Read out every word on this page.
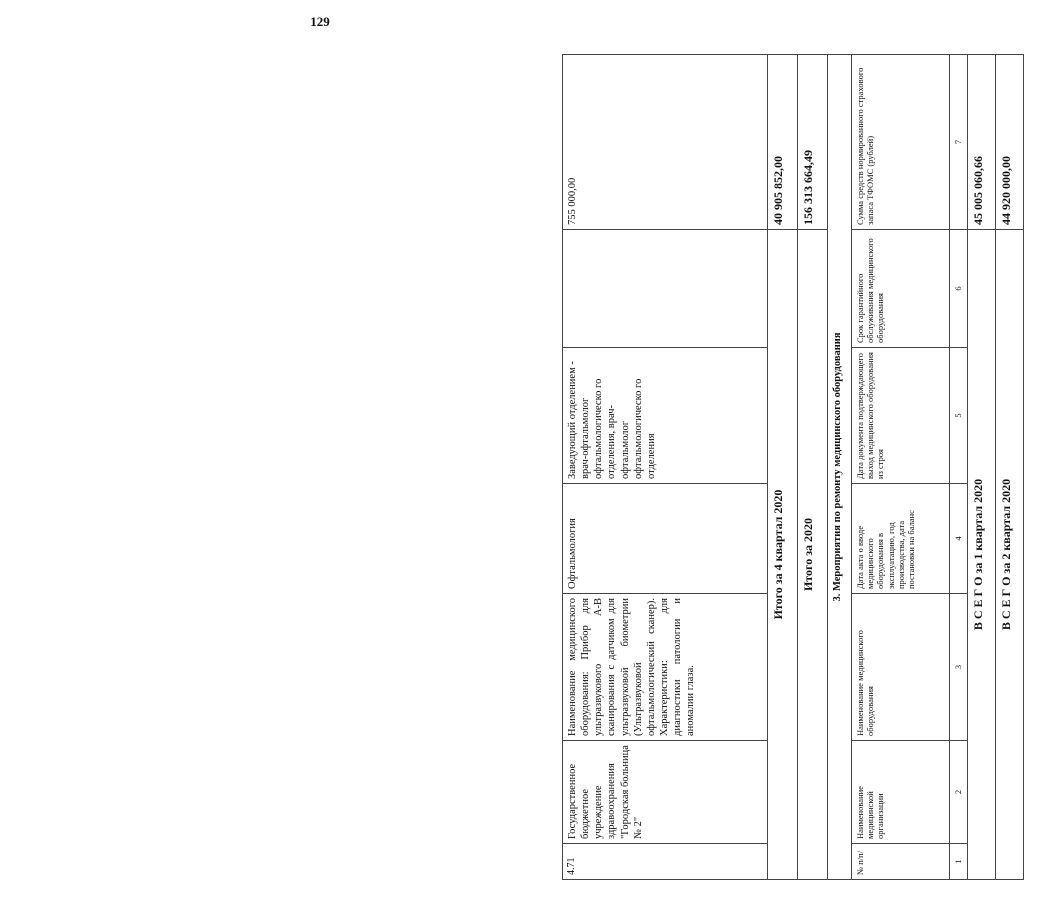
129
4.71	Государственное бюджетное учреждение здравоохранения "Городская больница № 2"	Наименование медицинского оборудования: Прибор для ультразвукового А-В сканирования с датчиком для ультразвуковой биометрии (Ультразвуковой офтальмологический сканер). Характеристики: для диагностики патологии и аномалии глаза.	Офтальмология	Заведующий отделением - врач-офтальмолог офтальмологическо го отделения, врач-офтальмолог офтальмологическо го отделения		755 000,00
Итого за 4 квартал 2020						40 905 852,00
Итого за 2020						156 313 664,49
3. Мероприятия по ремонту медицинского оборудования						
№ п/п/	Наименование медицинской организации	Наименование медицинского оборудования	Дата акта о вводе медицинского оборудования в эксплуатацию, год производства, дата постановки на баланс	Дата документа подтверждающего выход медицинского оборудования из строя	Срок гарантийного обслуживания медицинского оборудования	Сумма средств нормированного страхового запаса ТФОМС (рублей)
1	2	3	4	5	6	7
В С Е Г О за 1 квартал 2020						45 005 060,66
В С Е Г О за 2 квартал 2020						44 920 000,00
